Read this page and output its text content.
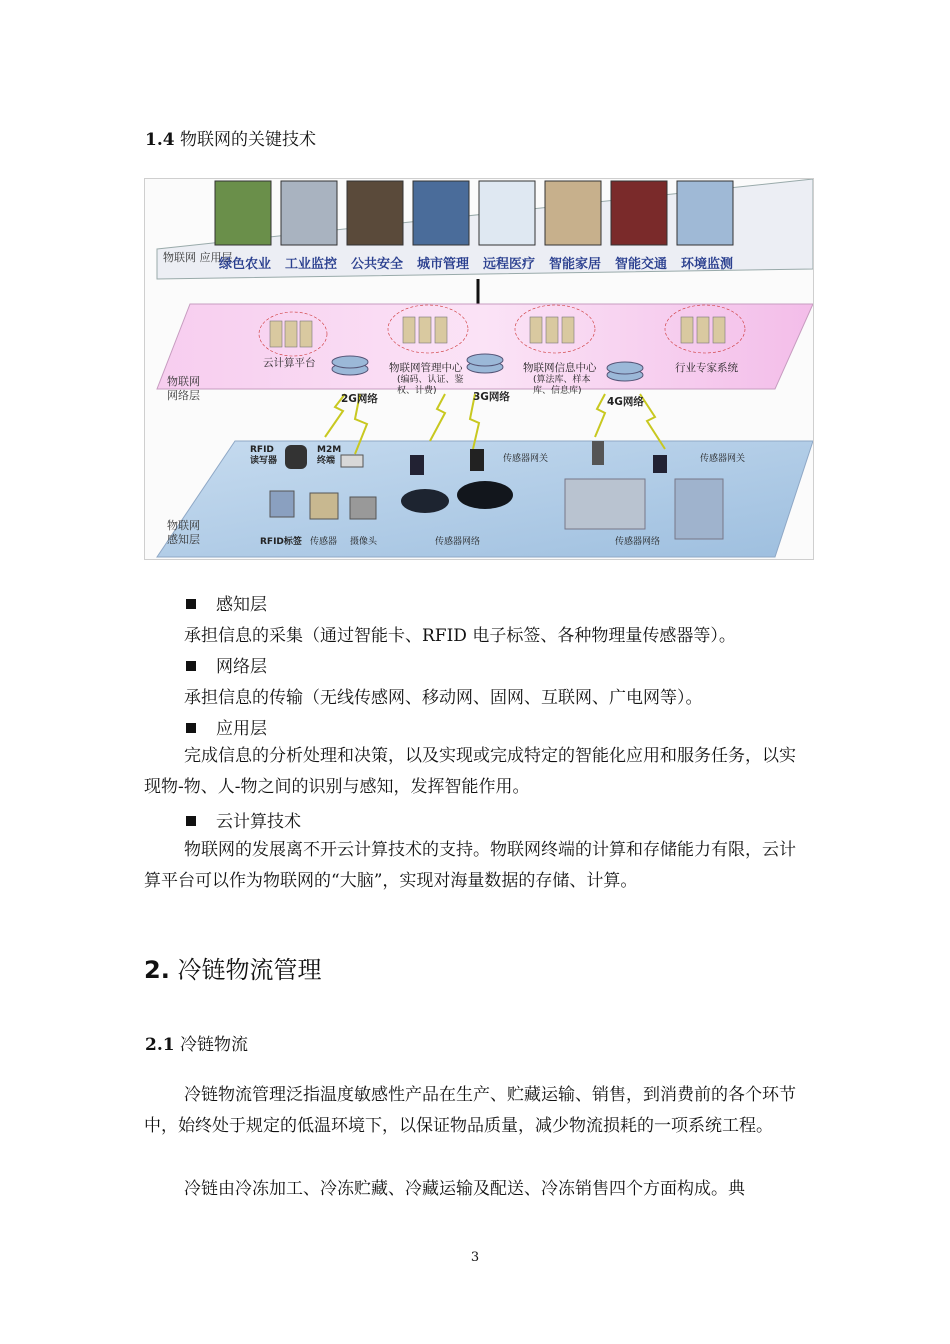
1.4 物联网的关键技术
物联网 应用层
物联网
网络层
物联网
感知层
绿色农业 工业监控 公共安全 城市管理 远程医疗 智能家居 智能交通 环境监测
云计算平台	物联网管理中心
(编码、认证、鉴
权、计费)
物联网信息中心
(算法库、样本
库、信息库)
行业专家系统
2G网络	3G网络	4G网络
RFID
读写器
M2M
终端	传感器网关	传感器网关
RFID标签 传感器 摄像头	传感器网络	传感器网络
感知层
承担信息的采集（通过智能卡、RFID 电子标签、各种物理量传感器等）。
网络层
承担信息的传输（无线传感网、移动网、固网、互联网、广电网等）。
应用层
完成信息的分析处理和决策，以及实现或完成特定的智能化应用和服务任务，以实现物-物、人-物之间的识别与感知，发挥智能作用。
云计算技术
物联网的发展离不开云计算技术的支持。物联网终端的计算和存储能力有限，云计算平台可以作为物联网的“大脑”，实现对海量数据的存储、计算。
2. 冷链物流管理
2.1 冷链物流
冷链物流管理泛指温度敏感性产品在生产、贮藏运输、销售，到消费前的各个环节中，始终处于规定的低温环境下，以保证物品质量，减少物流损耗的一项系统工程。
冷链由冷冻加工、冷冻贮藏、冷藏运输及配送、冷冻销售四个方面构成。典
3
